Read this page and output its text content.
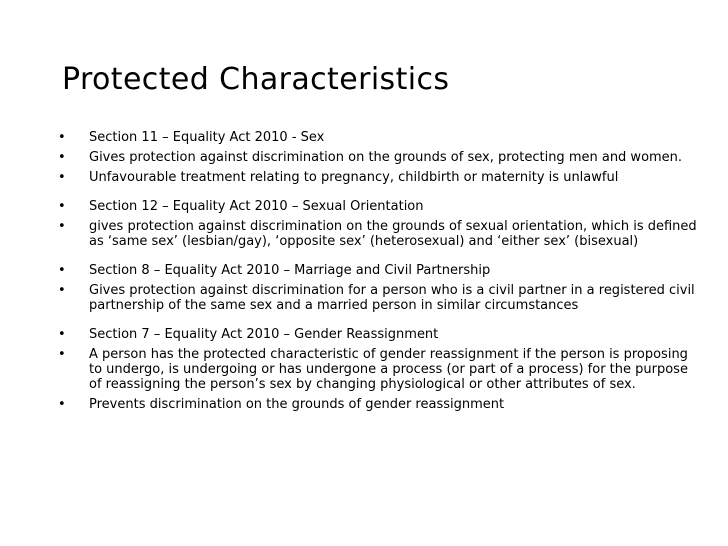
Protected Characteristics
•	Section 11 – Equality Act 2010 - Sex
•	Gives protection against discrimination on the grounds of sex, protecting men and women.
•	Unfavourable treatment relating to pregnancy, childbirth or maternity is unlawful
•	Section 12 – Equality Act 2010 – Sexual Orientation
•	gives protection against discrimination on the grounds of sexual orientation, which is defined as ‘same sex’ (lesbian/gay), ‘opposite sex’ (heterosexual) and ‘either sex’ (bisexual)
•	Section 8 – Equality Act 2010 – Marriage and Civil Partnership
•	Gives protection against discrimination for a person who is a civil partner in a registered civil partnership of the same sex and a married person in similar circumstances
•	Section 7 – Equality Act 2010 – Gender Reassignment
•	A person has the protected characteristic of gender reassignment if the person is proposing to undergo, is undergoing or has undergone a process (or part of a process) for the purpose of reassigning the person’s sex by changing physiological or other attributes of sex.
•	Prevents discrimination on the grounds of gender reassignment
